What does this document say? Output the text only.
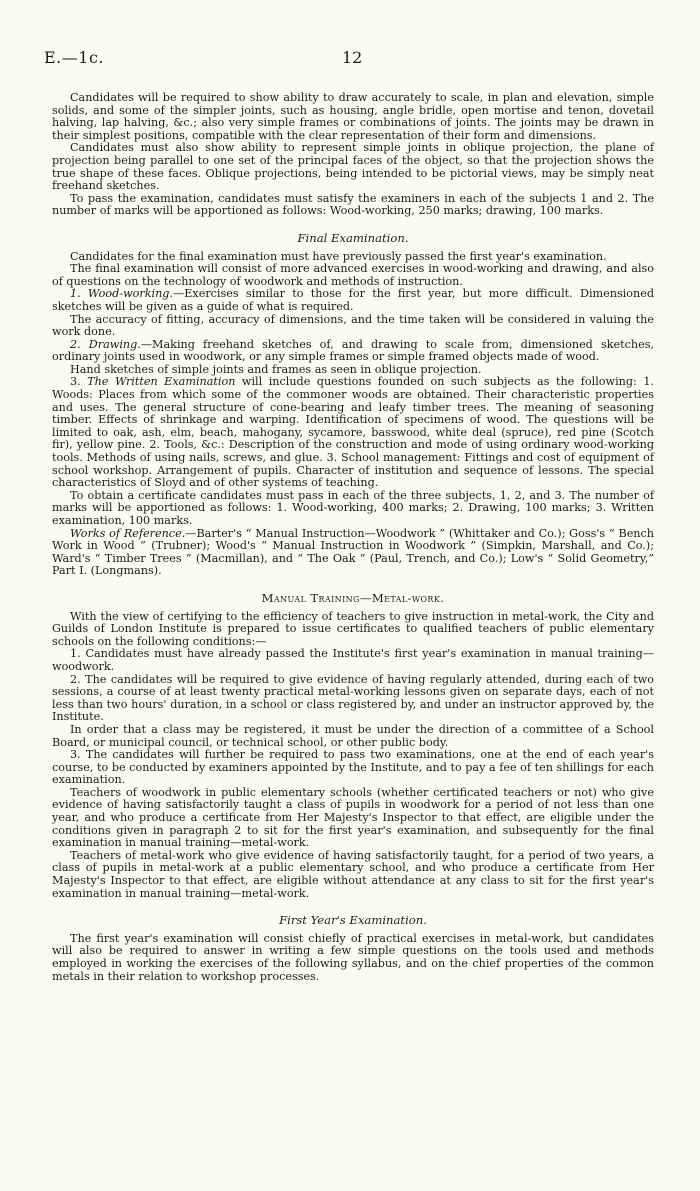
E.—1c.	12

Candidates will be required to show ability to draw accurately to scale, in plan and elevation, simple solids, and some of the simpler joints, such as housing, angle bridle, open mortise and tenon, dovetail halving, lap halving, &c.; also very simple frames or combinations of joints. The joints may be drawn in their simplest positions, compatible with the clear representation of their form and dimensions.

Candidates must also show ability to represent simple joints in oblique projection, the plane of projection being parallel to one set of the principal faces of the object, so that the projection shows the true shape of these faces. Oblique projections, being intended to be pictorial views, may be simply neat freehand sketches.

To pass the examination, candidates must satisfy the examiners in each of the subjects 1 and 2. The number of marks will be apportioned as follows: Wood-working, 250 marks; drawing, 100 marks.

Final Examination.

Candidates for the final examination must have previously passed the first year's examination.

The final examination will consist of more advanced exercises in wood-working and drawing, and also of questions on the technology of woodwork and methods of instruction.

1. Wood-working.—Exercises similar to those for the first year, but more difficult. Dimensioned sketches will be given as a guide of what is required.

The accuracy of fitting, accuracy of dimensions, and the time taken will be considered in valuing the work done.

2. Drawing.—Making freehand sketches of, and drawing to scale from, dimensioned sketches, ordinary joints used in woodwork, or any simple frames or simple framed objects made of wood.

Hand sketches of simple joints and frames as seen in oblique projection.

3. The Written Examination will include questions founded on such subjects as the following: 1. Woods: Places from which some of the commoner woods are obtained. Their characteristic properties and uses. The general structure of cone-bearing and leafy timber trees. The meaning of seasoning timber. Effects of shrinkage and warping. Identification of specimens of wood. The questions will be limited to oak, ash, elm, beach, mahogany, sycamore, basswood, white deal (spruce), red pine (Scotch fir), yellow pine. 2. Tools, &c.: Description of the construction and mode of using ordinary wood-working tools. Methods of using nails, screws, and glue. 3. School management: Fittings and cost of equipment of school workshop. Arrangement of pupils. Character of institution and sequence of lessons. The special characteristics of Sloyd and of other systems of teaching.

To obtain a certificate candidates must pass in each of the three subjects, 1, 2, and 3. The number of marks will be apportioned as follows: 1. Wood-working, 400 marks; 2. Drawing, 100 marks; 3. Written examination, 100 marks.

Works of Reference.—Barter's “ Manual Instruction—Woodwork ” (Whittaker and Co.); Goss's “ Bench Work in Wood ” (Trubner); Wood's “ Manual Instruction in Woodwork ” (Simpkin, Marshall, and Co.); Ward's “ Timber Trees ” (Macmillan), and “ The Oak ” (Paul, Trench, and Co.); Low's “ Solid Geometry,” Part I. (Longmans).

Manual Training—Metal-work.

With the view of certifying to the efficiency of teachers to give instruction in metal-work, the City and Guilds of London Institute is prepared to issue certificates to qualified teachers of public elementary schools on the following conditions:—

1. Candidates must have already passed the Institute's first year's examination in manual training—woodwork.

2. The candidates will be required to give evidence of having regularly attended, during each of two sessions, a course of at least twenty practical metal-working lessons given on separate days, each of not less than two hours' duration, in a school or class registered by, and under an instructor approved by, the Institute.

In order that a class may be registered, it must be under the direction of a committee of a School Board, or municipal council, or technical school, or other public body.

3. The candidates will further be required to pass two examinations, one at the end of each year's course, to be conducted by examiners appointed by the Institute, and to pay a fee of ten shillings for each examination.

Teachers of woodwork in public elementary schools (whether certificated teachers or not) who give evidence of having satisfactorily taught a class of pupils in woodwork for a period of not less than one year, and who produce a certificate from Her Majesty's Inspector to that effect, are eligible under the conditions given in paragraph 2 to sit for the first year's examination, and subsequently for the final examination in manual training—metal-work.

Teachers of metal-work who give evidence of having satisfactorily taught, for a period of two years, a class of pupils in metal-work at a public elementary school, and who produce a certificate from Her Majesty's Inspector to that effect, are eligible without attendance at any class to sit for the first year's examination in manual training—metal-work.

First Year's Examination.

The first year's examination will consist chiefly of practical exercises in metal-work, but candidates will also be required to answer in writing a few simple questions on the tools used and methods employed in working the exercises of the following syllabus, and on the chief properties of the common metals in their relation to workshop processes.
